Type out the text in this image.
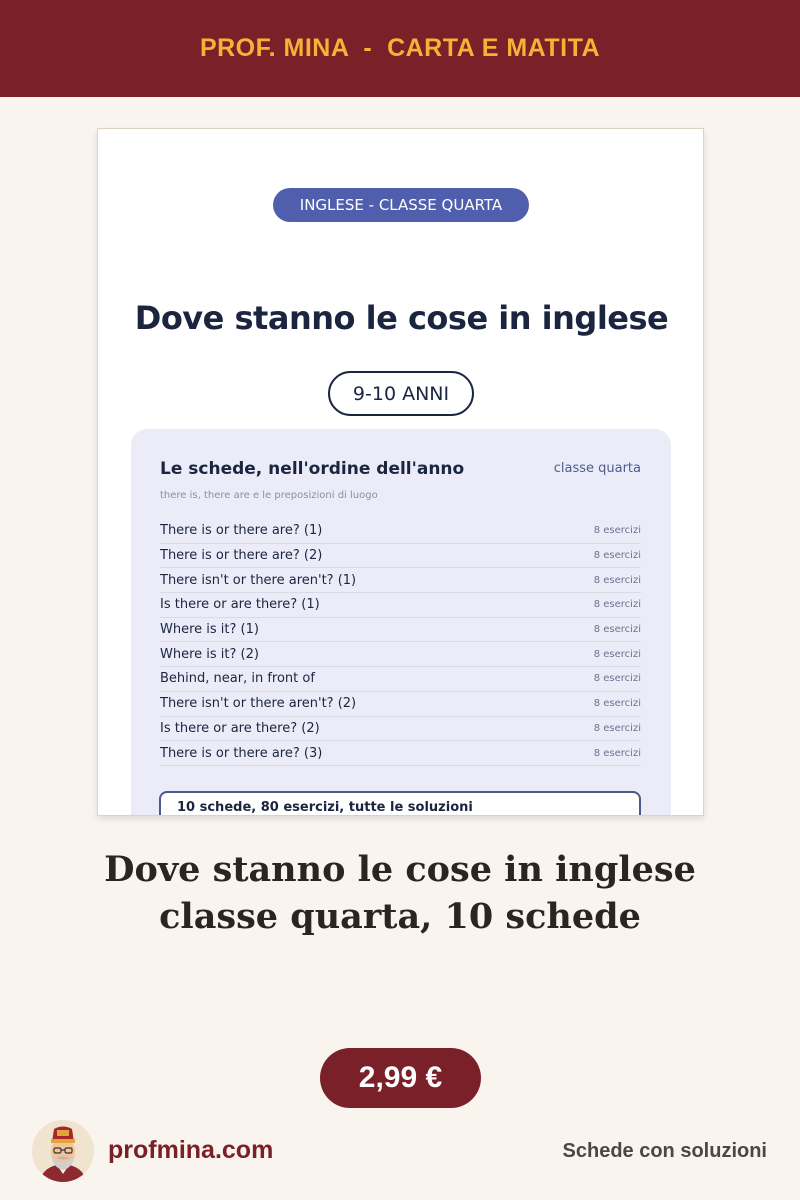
PROF. MINA  -  CARTA E MATITA
INGLESE - CLASSE QUARTA
Dove stanno le cose in inglese
9-10 ANNI
Le schede, nell'ordine dell'anno	classe quarta
there is, there are e le preposizioni di luogo
There is or there are? (1)	8 esercizi
There is or there are? (2)	8 esercizi
There isn't or there aren't? (1)	8 esercizi
Is there or are there? (1)	8 esercizi
Where is it? (1)	8 esercizi
Where is it? (2)	8 esercizi
Behind, near, in front of	8 esercizi
There isn't or there aren't? (2)	8 esercizi
Is there or are there? (2)	8 esercizi
There is or there are? (3)	8 esercizi
10 schede, 80 esercizi, tutte le soluzioni
Dove stanno le cose in inglese classe quarta, 10 schede
2,99 €
profmina.com	Schede con soluzioni
